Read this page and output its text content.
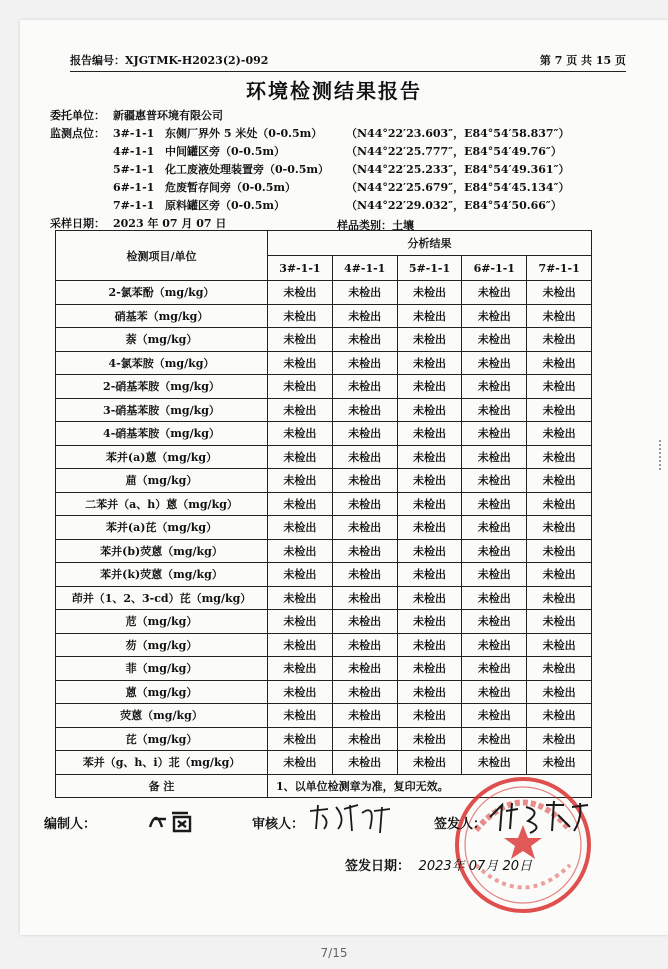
报告编号：XJGTMK-H2023(2)-092	第 7 页 共 15 页
环境检测结果报告
委托单位： 新疆惠普环境有限公司
监测点位： 3#-1-1 东侧厂界外 5 米处（0-0.5m）	（N44°22′23.603″，E84°54′58.837″）
4#-1-1 中间罐区旁（0-0.5m）	（N44°22′25.777″，E84°54′49.76″）
5#-1-1 化工废液处理装置旁（0-0.5m）	（N44°22′25.233″，E84°54′49.361″）
6#-1-1 危废暂存间旁（0-0.5m）	（N44°22′25.679″，E84°54′45.134″）
7#-1-1 原料罐区旁（0-0.5m）	（N44°22′29.032″，E84°54′50.66″）
采样日期： 2023 年 07 月 07 日	样品类别：土壤
检测项目/单位	分析结果				
	3#-1-1	4#-1-1	5#-1-1	6#-1-1	7#-1-1
2-氯苯酚（mg/kg）	未检出	未检出	未检出	未检出	未检出
硝基苯（mg/kg）	未检出	未检出	未检出	未检出	未检出
萘（mg/kg）	未检出	未检出	未检出	未检出	未检出
4-氯苯胺（mg/kg）	未检出	未检出	未检出	未检出	未检出
2-硝基苯胺（mg/kg）	未检出	未检出	未检出	未检出	未检出
3-硝基苯胺（mg/kg）	未检出	未检出	未检出	未检出	未检出
4-硝基苯胺（mg/kg）	未检出	未检出	未检出	未检出	未检出
苯并(a)蒽（mg/kg）	未检出	未检出	未检出	未检出	未检出
䓛（mg/kg）	未检出	未检出	未检出	未检出	未检出
二苯并（a、h）蒽（mg/kg）	未检出	未检出	未检出	未检出	未检出
苯并(a)芘（mg/kg）	未检出	未检出	未检出	未检出	未检出
苯并(b)荧蒽（mg/kg）	未检出	未检出	未检出	未检出	未检出
苯并(k)荧蒽（mg/kg）	未检出	未检出	未检出	未检出	未检出
茚并（1、2、3-cd）芘（mg/kg）	未检出	未检出	未检出	未检出	未检出
苊（mg/kg）	未检出	未检出	未检出	未检出	未检出
芴（mg/kg）	未检出	未检出	未检出	未检出	未检出
菲（mg/kg）	未检出	未检出	未检出	未检出	未检出
蒽（mg/kg）	未检出	未检出	未检出	未检出	未检出
荧蒽（mg/kg）	未检出	未检出	未检出	未检出	未检出
芘（mg/kg）	未检出	未检出	未检出	未检出	未检出
苯并（g、h、i）苝（mg/kg）	未检出	未检出	未检出	未检出	未检出
备 注	1、以单位检测章为准，复印无效。				
编制人：	审核人：	签发人：
签发日期： 2023年 07月 20日
7/15
